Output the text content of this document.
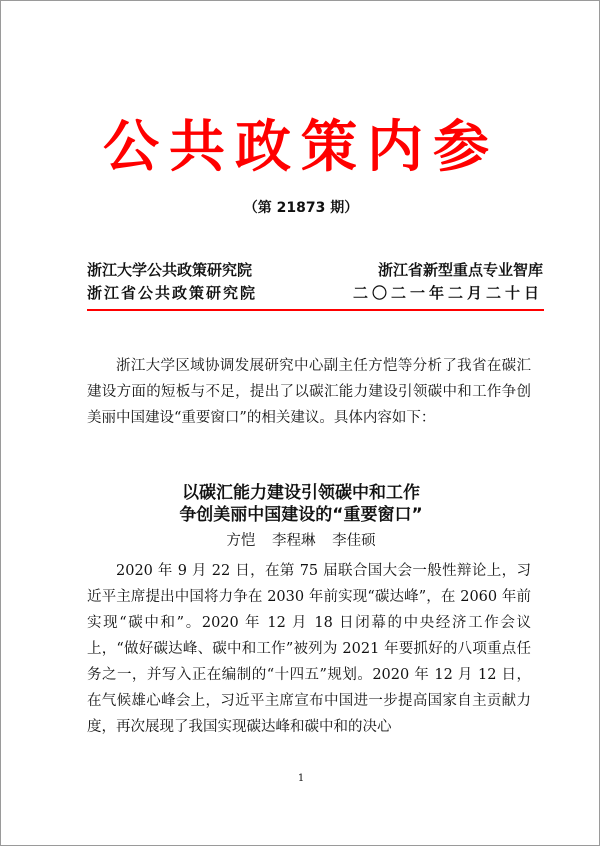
公共政策内参
（第 21873 期）
浙江大学公共政策研究院	浙江省新型重点专业智库
浙江省公共政策研究院	二〇二一年二月二十日
浙江大学区域协调发展研究中心副主任方恺等分析了我省在碳汇建设方面的短板与不足，提出了以碳汇能力建设引领碳中和工作争创美丽中国建设“重要窗口”的相关建议。具体内容如下：
以碳汇能力建设引领碳中和工作
争创美丽中国建设的“重要窗口”
方恺 李程琳 李佳硕
2020 年 9 月 22 日，在第 75 届联合国大会一般性辩论上，习近平主席提出中国将力争在 2030 年前实现“碳达峰”，在 2060 年前实现“碳中和”。2020 年 12 月 18 日闭幕的中央经济工作会议上，“做好碳达峰、碳中和工作”被列为 2021 年要抓好的八项重点任务之一，并写入正在编制的“十四五”规划。2020 年 12 月 12 日，在气候雄心峰会上，习近平主席宣布中国进一步提高国家自主贡献力度，再次展现了我国实现碳达峰和碳中和的决心
1
